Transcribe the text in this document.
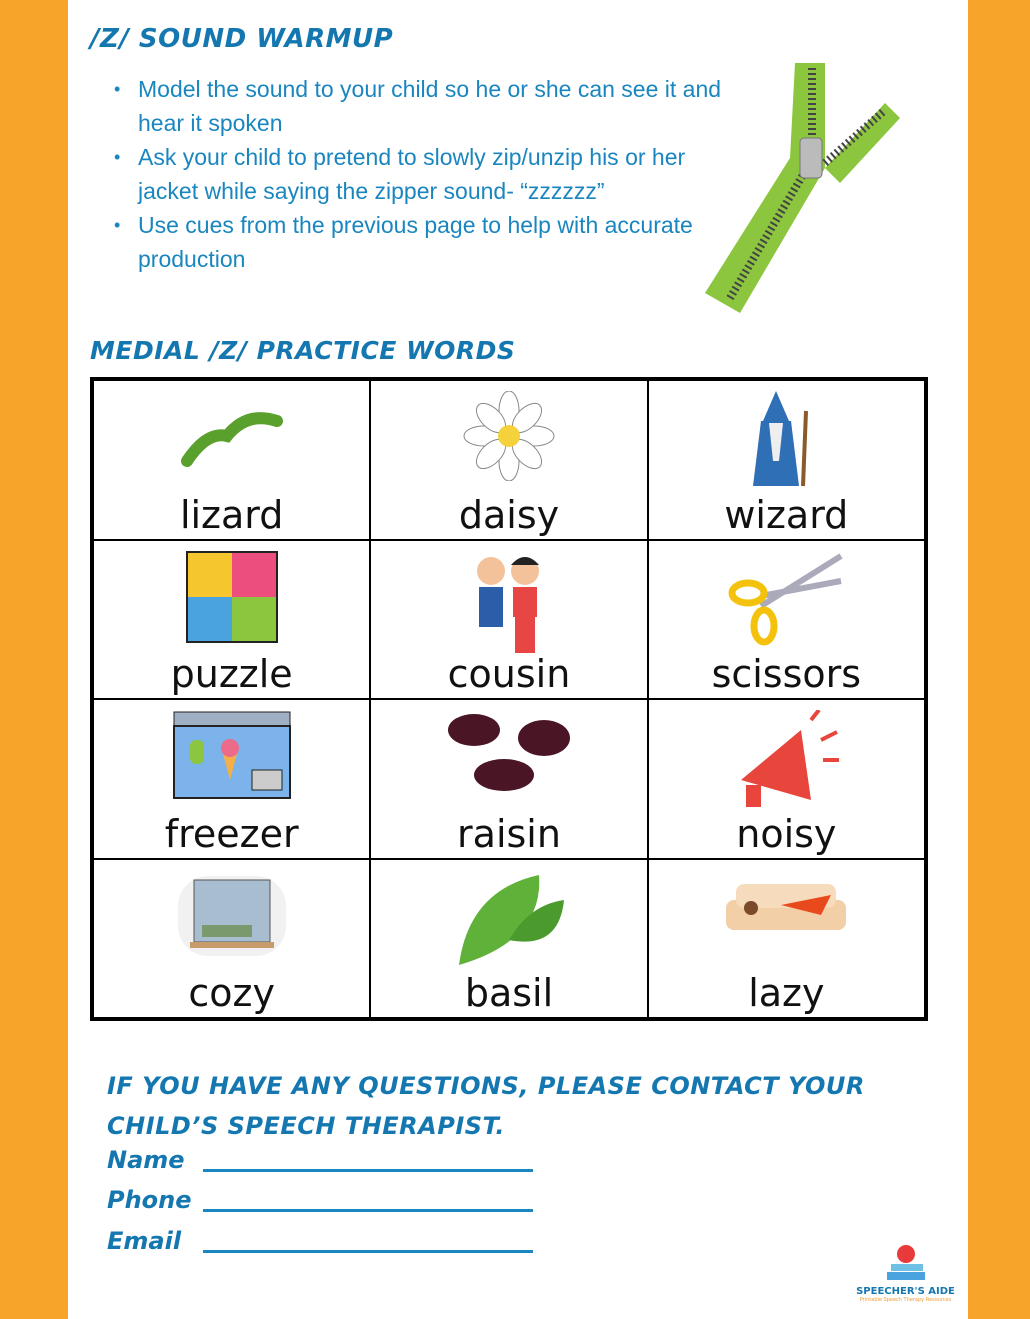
/Z/ SOUND WARMUP
• Model the sound to your child so he or she can see it and hear it spoken
• Ask your child to pretend to slowly zip/unzip his or her jacket while saying the zipper sound- “zzzzzz”
• Use cues from the previous page to help with accurate production
MEDIAL /Z/ PRACTICE WORDS
lizard	daisy	wizard
puzzle	cousin	scissors
freezer	raisin	noisy
cozy	basil	lazy
IF YOU HAVE ANY QUESTIONS, PLEASE CONTACT YOUR CHILD’S SPEECH THERAPIST.
Name
Phone
Email
SPEECHER'S AIDE
Printable Speech Therapy Resources
